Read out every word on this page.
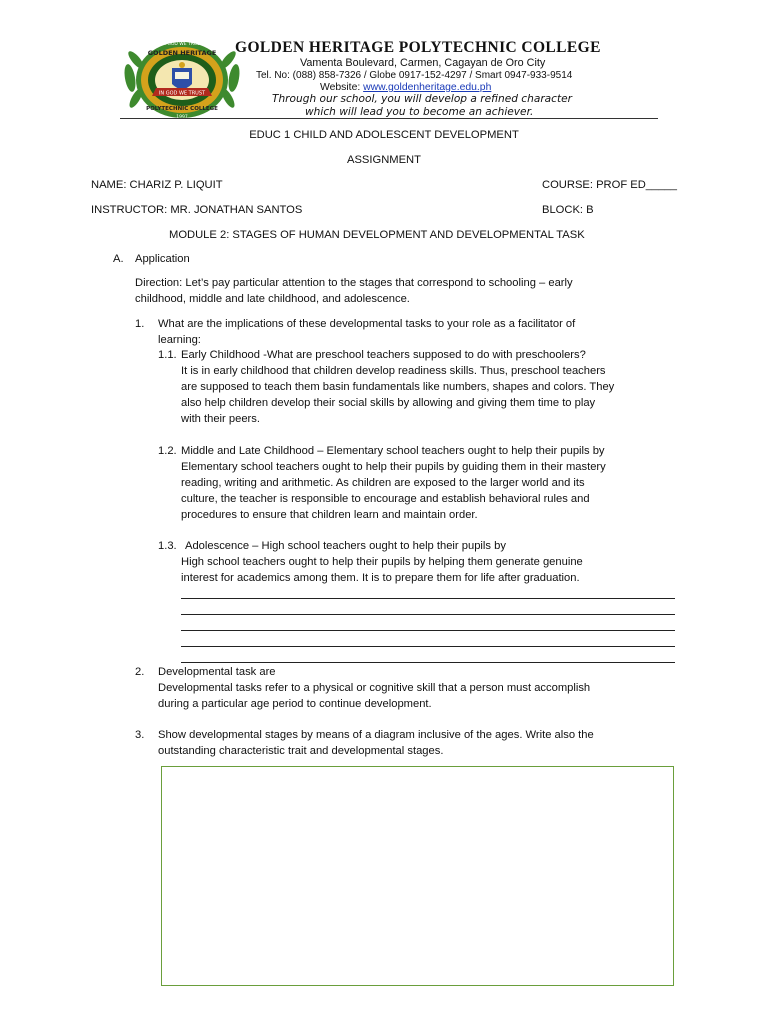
IN GOD WE TRUST
GOLDEN HERITAGE
POLYTECHNIC COLLEGE
IN GOD WE TRUST
1997
GOLDEN HERITAGE POLYTECHNIC COLLEGE
Vamenta Boulevard, Carmen, Cagayan de Oro City
Tel. No: (088) 858-7326 / Globe 0917-152-4297 / Smart 0947-933-9514
Website: www.goldenheritage.edu.ph
Through our school, you will develop a refined character
which will lead you to become an achiever.
EDUC 1 CHILD AND ADOLESCENT DEVELOPMENT
ASSIGNMENT
NAME: CHARIZ P. LIQUIT	COURSE: PROF ED_____
INSTRUCTOR: MR. JONATHAN SANTOS	BLOCK: B
MODULE 2: STAGES OF HUMAN DEVELOPMENT AND DEVELOPMENTAL TASK
A. Application
Direction: Let’s pay particular attention to the stages that correspond to schooling – early
childhood, middle and late childhood, and adolescence.
1. What are the implications of these developmental tasks to your role as a facilitator of
learning:
1.1. Early Childhood -What are preschool teachers supposed to do with preschoolers?
It is in early childhood that children develop readiness skills. Thus, preschool teachers
are supposed to teach them basin fundamentals like numbers, shapes and colors. They
also help children develop their social skills by allowing and giving them time to play
with their peers.
1.2. Middle and Late Childhood – Elementary school teachers ought to help their pupils by
Elementary school teachers ought to help their pupils by guiding them in their mastery
reading, writing and arithmetic. As children are exposed to the larger world and its
culture, the teacher is responsible to encourage and establish behavioral rules and
procedures to ensure that children learn and maintain order.
1.3. Adolescence – High school teachers ought to help their pupils by
High school teachers ought to help their pupils by helping them generate genuine
interest for academics among them. It is to prepare them for life after graduation.
2. Developmental task are
Developmental tasks refer to a physical or cognitive skill that a person must accomplish
during a particular age period to continue development.
3. Show developmental stages by means of a diagram inclusive of the ages. Write also the
outstanding characteristic trait and developmental stages.
